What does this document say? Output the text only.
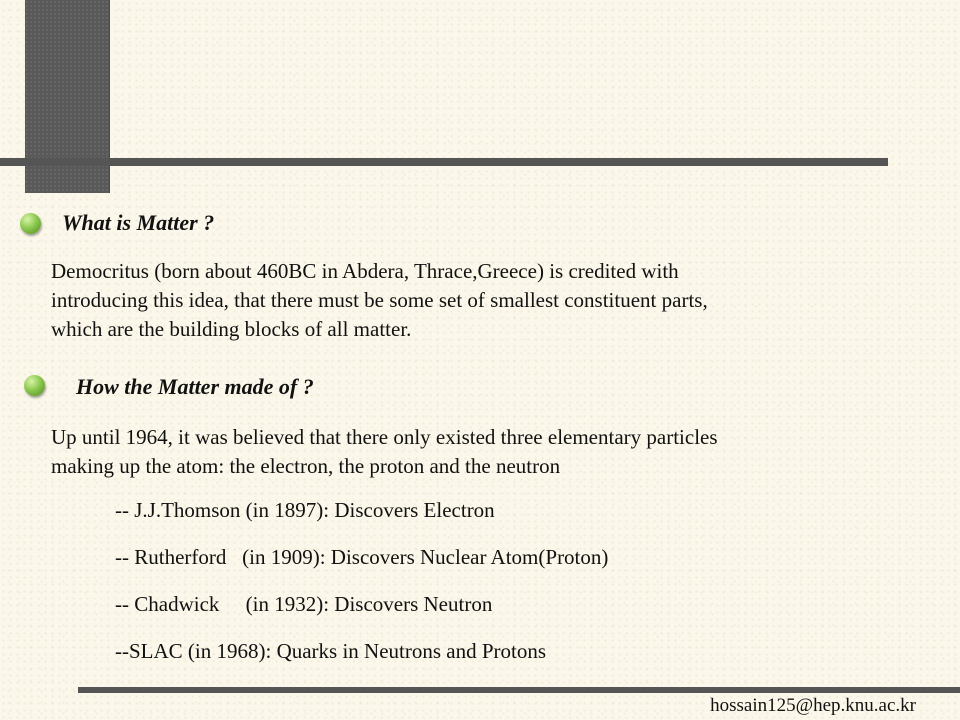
What is Matter ?
Democritus (born about 460BC in Abdera, Thrace,Greece) is credited with
introducing this idea, that there must be some set of smallest constituent parts,
which are the building blocks of all matter.
How the Matter made of ?
Up until 1964, it was believed that there only existed three elementary particles
making up the atom: the electron, the proton and the neutron
-- J.J.Thomson (in 1897): Discovers Electron
-- Rutherford   (in 1909): Discovers Nuclear Atom(Proton)
-- Chadwick     (in 1932): Discovers Neutron
--SLAC (in 1968): Quarks in Neutrons and Protons
hossain125@hep.knu.ac.kr
